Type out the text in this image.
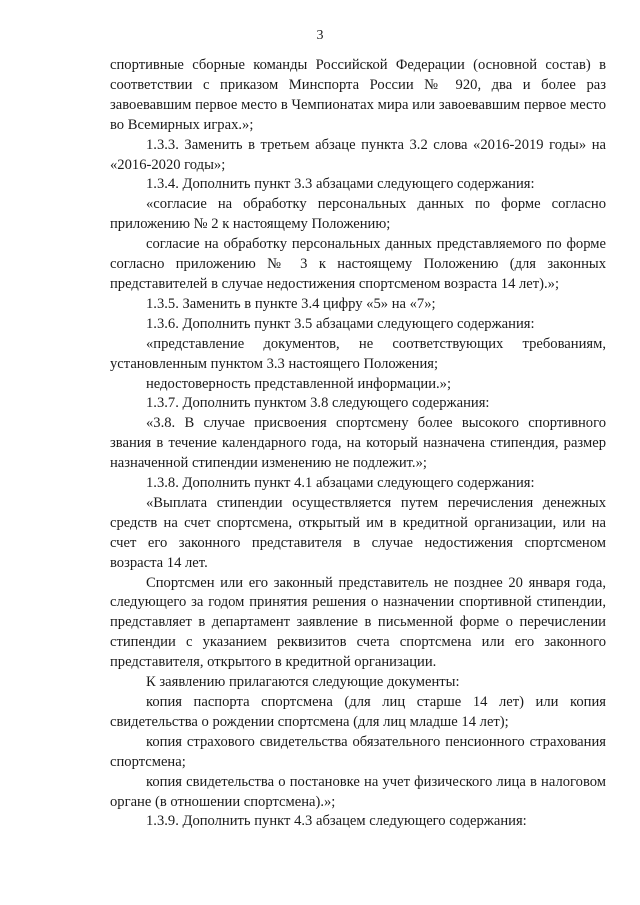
3

спортивные сборные команды Российской Федерации (основной состав) в соответствии с приказом Минспорта России № 920, два и более раз завоевавшим первое место в Чемпионатах мира или завоевавшим первое место во Всемирных играх.»;

1.3.3. Заменить в третьем абзаце пункта 3.2 слова «2016-2019 годы» на «2016-2020 годы»;

1.3.4. Дополнить пункт 3.3 абзацами следующего содержания:

«согласие на обработку персональных данных по форме согласно приложению № 2 к настоящему Положению;

согласие на обработку персональных данных представляемого по форме согласно приложению № 3 к настоящему Положению (для законных представителей в случае недостижения спортсменом возраста 14 лет).»;

1.3.5. Заменить в пункте 3.4 цифру «5» на «7»;

1.3.6. Дополнить пункт 3.5 абзацами следующего содержания:

«представление документов, не соответствующих требованиям, установленным пунктом 3.3 настоящего Положения;

недостоверность представленной информации.»;

1.3.7. Дополнить пунктом 3.8 следующего содержания:

«3.8. В случае присвоения спортсмену более высокого спортивного звания в течение календарного года, на который назначена стипендия, размер назначенной стипендии изменению не подлежит.»;

1.3.8. Дополнить пункт 4.1 абзацами следующего содержания:

«Выплата стипендии осуществляется путем перечисления денежных средств на счет спортсмена, открытый им в кредитной организации, или на счет его законного представителя в случае недостижения спортсменом возраста 14 лет.

Спортсмен или его законный представитель не позднее 20 января года, следующего за годом принятия решения о назначении спортивной стипендии, представляет в департамент заявление в письменной форме о перечислении стипендии с указанием реквизитов счета спортсмена или его законного представителя, открытого в кредитной организации.

К заявлению прилагаются следующие документы:

копия паспорта спортсмена (для лиц старше 14 лет) или копия свидетельства о рождении спортсмена (для лиц младше 14 лет);

копия страхового свидетельства обязательного пенсионного страхования спортсмена;

копия свидетельства о постановке на учет физического лица в налоговом органе (в отношении спортсмена).»;

1.3.9. Дополнить пункт 4.3 абзацем следующего содержания:
